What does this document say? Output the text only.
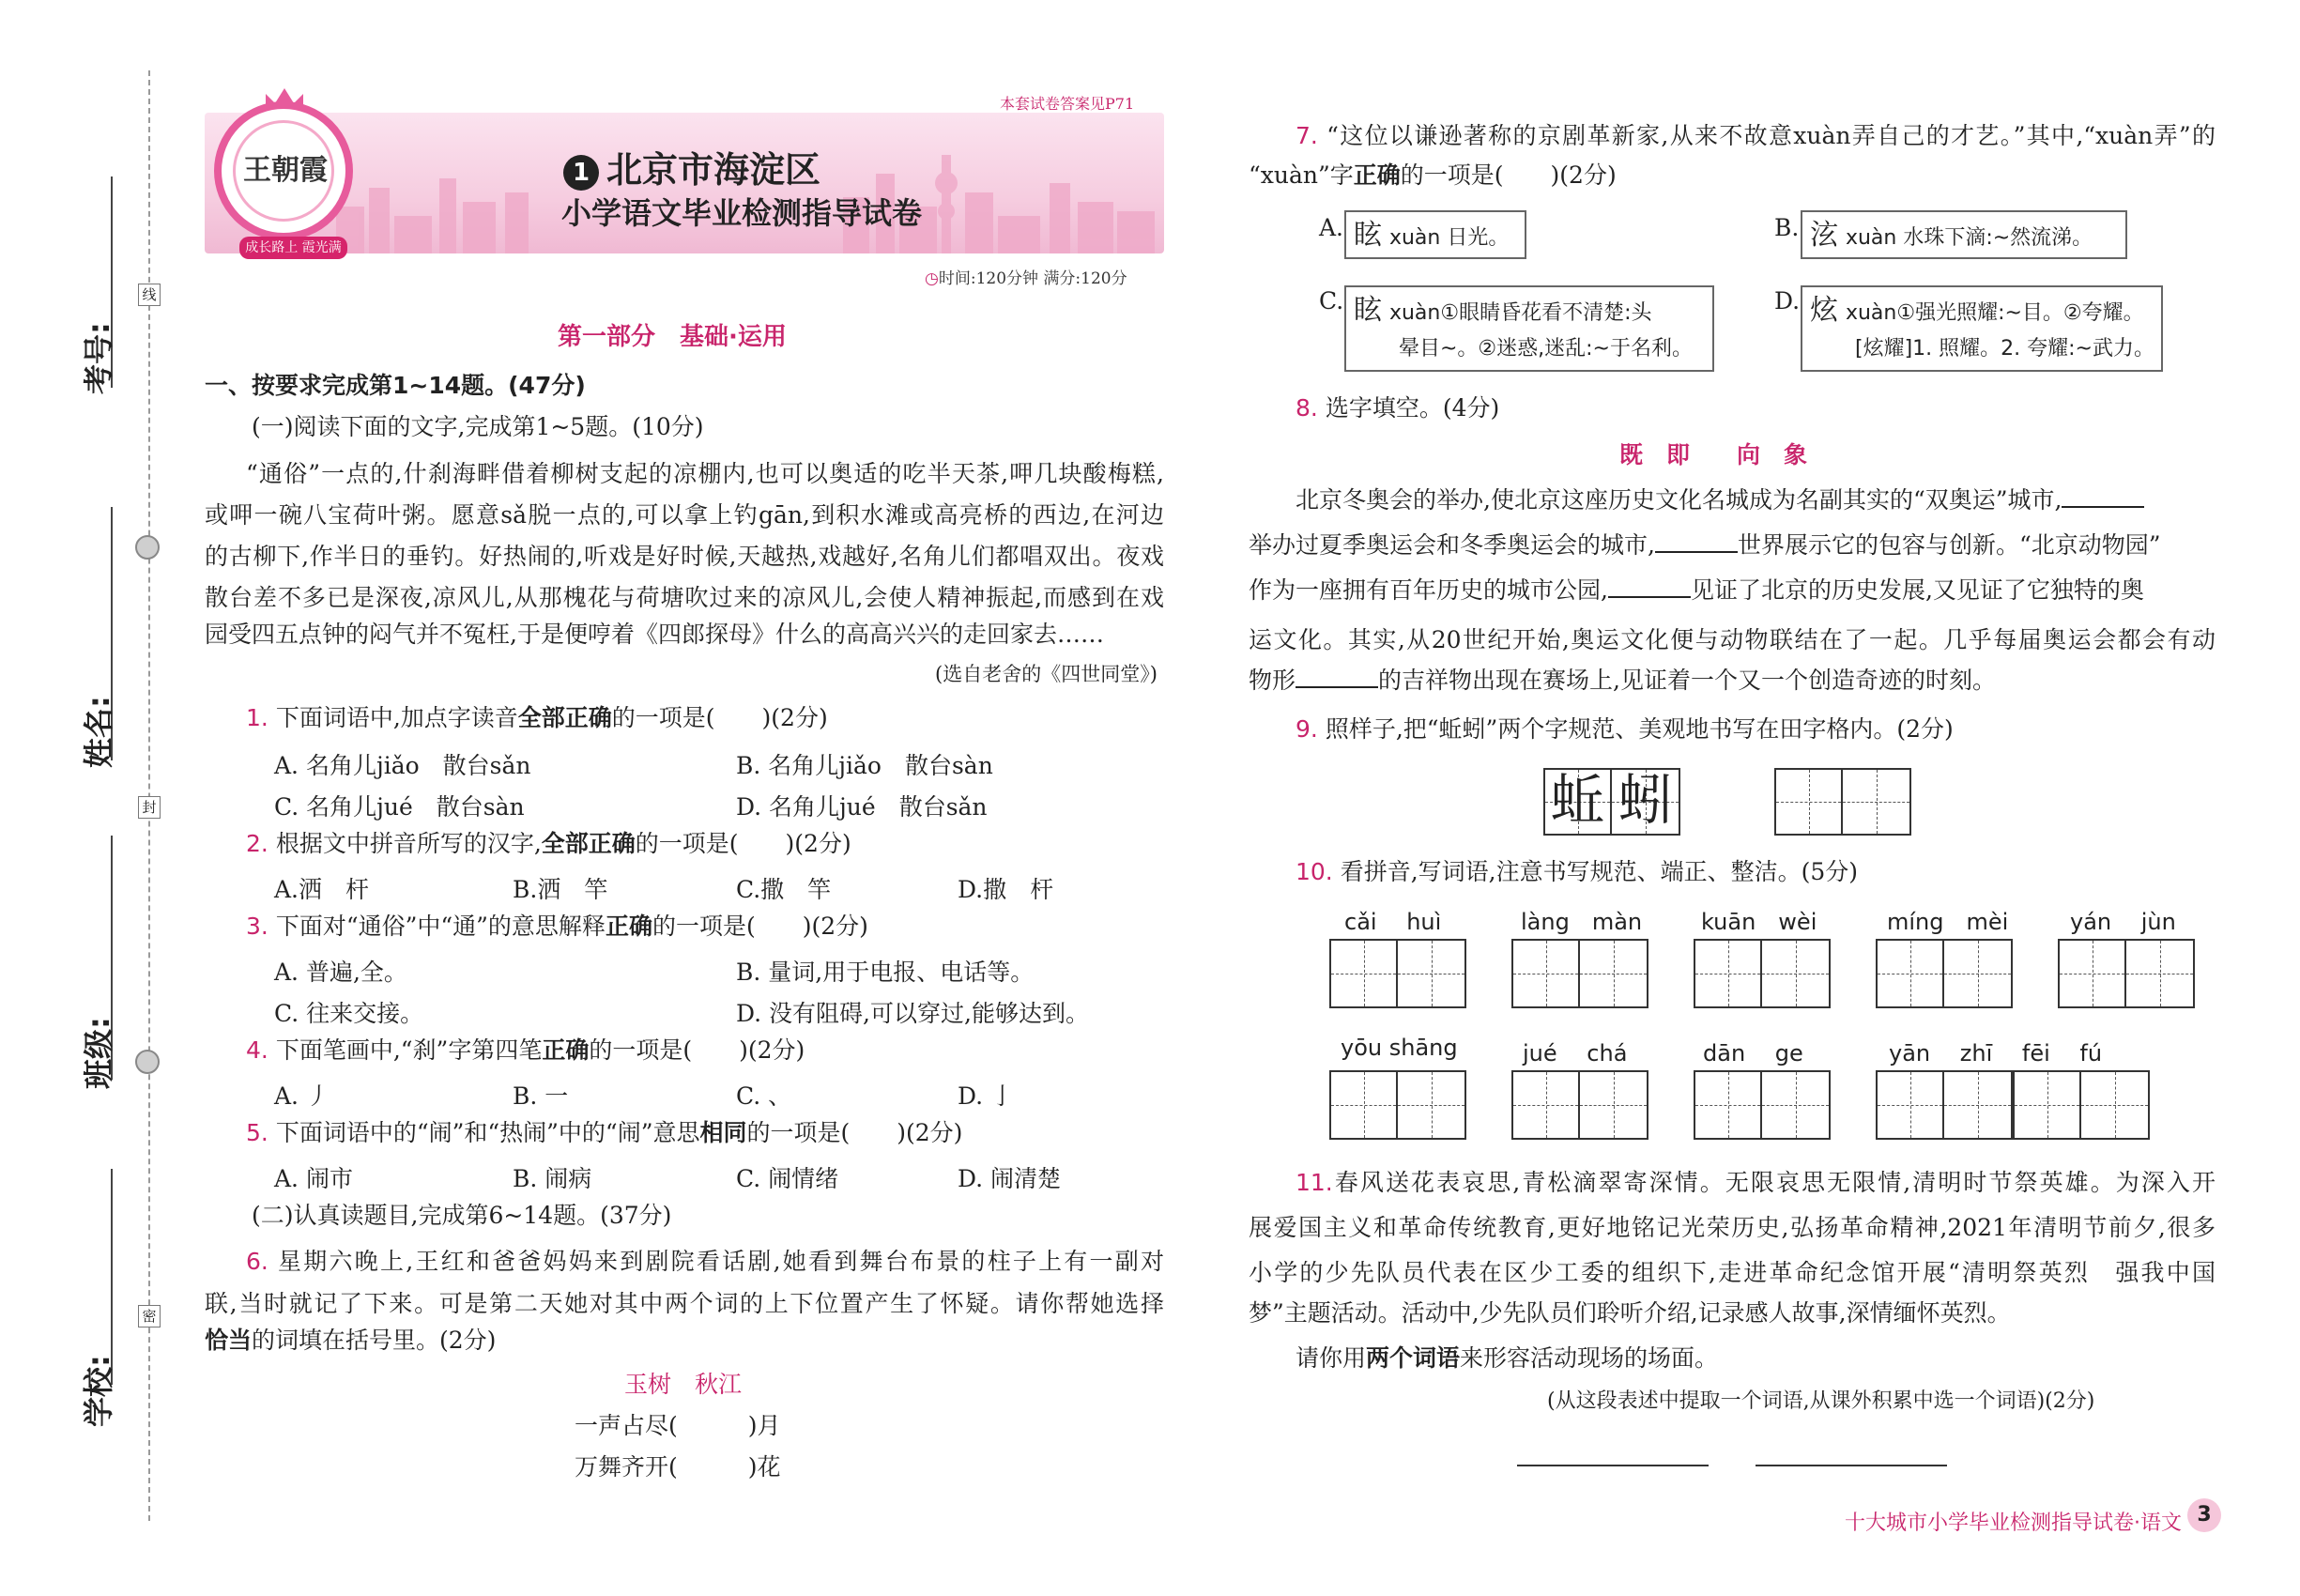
线
封
密
考号:
姓名:
班级:
学校:
本套试卷答案见P71
王朝霞
成长路上 霞光满天
1 北京市海淀区
小学语文毕业检测指导试卷
◷时间:120分钟 满分:120分
第一部分　基础·运用
一、按要求完成第1~14题。(47分)
(一)阅读下面的文字,完成第1~5题。(10分)
“通俗”一点的,什刹海畔借着柳树支起的凉棚内,也可以奥适的吃半天茶,呷几块酸梅糕,
或呷一碗八宝荷叶粥。愿意sǎ脱一点的,可以拿上钓gān,到积水滩或高亮桥的西边,在河边
的古柳下,作半日的垂钓。好热闹的,听戏是好时候,天越热,戏越好,名角儿们都唱双出。夜戏
散台差不多已是深夜,凉风儿,从那槐花与荷塘吹过来的凉风儿,会使人精神振起,而感到在戏
园受四五点钟的闷气并不冤枉,于是便哼着《四郎探母》什么的高高兴兴的走回家去……
(选自老舍的《四世同堂》)
1. 下面词语中,加点字读音全部正确的一项是(　　)(2分)
A. 名角儿jiǎo　散台sǎn	B. 名角儿jiǎo　散台sàn
C. 名角儿jué　散台sàn	D. 名角儿jué　散台sǎn
2. 根据文中拼音所写的汉字,全部正确的一项是(　　)(2分)
A.洒　杆	B.洒　竿	C.撒　竿	D.撒　杆
3. 下面对“通俗”中“通”的意思解释正确的一项是(　　)(2分)
A. 普遍,全。	B. 量词,用于电报、电话等。
C. 往来交接。	D. 没有阻碍,可以穿过,能够达到。
4. 下面笔画中,“刹”字第四笔正确的一项是(　　)(2分)
A. 丿	B. 一	C. 、	D. 亅
5. 下面词语中的“闹”和“热闹”中的“闹”意思相同的一项是(　　)(2分)
A. 闹市	B. 闹病	C. 闹情绪	D. 闹清楚
(二)认真读题目,完成第6~14题。(37分)
6. 星期六晚上,王红和爸爸妈妈来到剧院看话剧,她看到舞台布景的柱子上有一副对
联,当时就记了下来。可是第二天她对其中两个词的上下位置产生了怀疑。请你帮她选择
恰当的词填在括号里。(2分)
玉树　秋江
一声占尽(　　　)月
万舞齐开(　　　)花
7. “这位以谦逊著称的京剧革新家,从来不故意xuàn弄自己的才艺。”其中,“xuàn弄”的
“xuàn”字正确的一项是(　　)(2分)
A. 眩 xuàn 日光。	B. 泫 xuàn 水珠下滴:~然流涕。
C. 眩 xuàn①眼睛昏花看不清楚:头
晕目~。②迷惑,迷乱:~于名利。
D. 炫 xuàn①强光照耀:~目。②夸耀。
[炫耀]1. 照耀。2. 夸耀:~武力。
8. 选字填空。(4分)
既　即　　向　象
北京冬奥会的举办,使北京这座历史文化名城成为名副其实的“双奥运”城市,
举办过夏季奥运会和冬季奥运会的城市,	世界展示它的包容与创新。“北京动物园”
作为一座拥有百年历史的城市公园,	见证了北京的历史发展,又见证了它独特的奥
运文化。其实,从20世纪开始,奥运文化便与动物联结在了一起。几乎每届奥运会都会有动
物形	的吉祥物出现在赛场上,见证着一个又一个创造奇迹的时刻。
9. 照样子,把“蚯蚓”两个字规范、美观地书写在田字格内。(2分)
蚯 蚓
10. 看拼音,写词语,注意书写规范、端正、整洁。(5分)
cǎi　 huì	làng　 màn	kuān　 wèi	míng　 mèi	yán　 jùn
yōu shāng	jué　 chá	dān　 ge	yān　 zhī　 fēi　 fú
11.春风送花表哀思,青松滴翠寄深情。无限哀思无限情,清明时节祭英雄。为深入开
展爱国主义和革命传统教育,更好地铭记光荣历史,弘扬革命精神,2021年清明节前夕,很多
小学的少先队员代表在区少工委的组织下,走进革命纪念馆开展“清明祭英烈　强我中国
梦”主题活动。活动中,少先队员们聆听介绍,记录感人故事,深情缅怀英烈。
请你用两个词语来形容活动现场的场面。
(从这段表述中提取一个词语,从课外积累中选一个词语)(2分)
十大城市小学毕业检测指导试卷·语文 3
